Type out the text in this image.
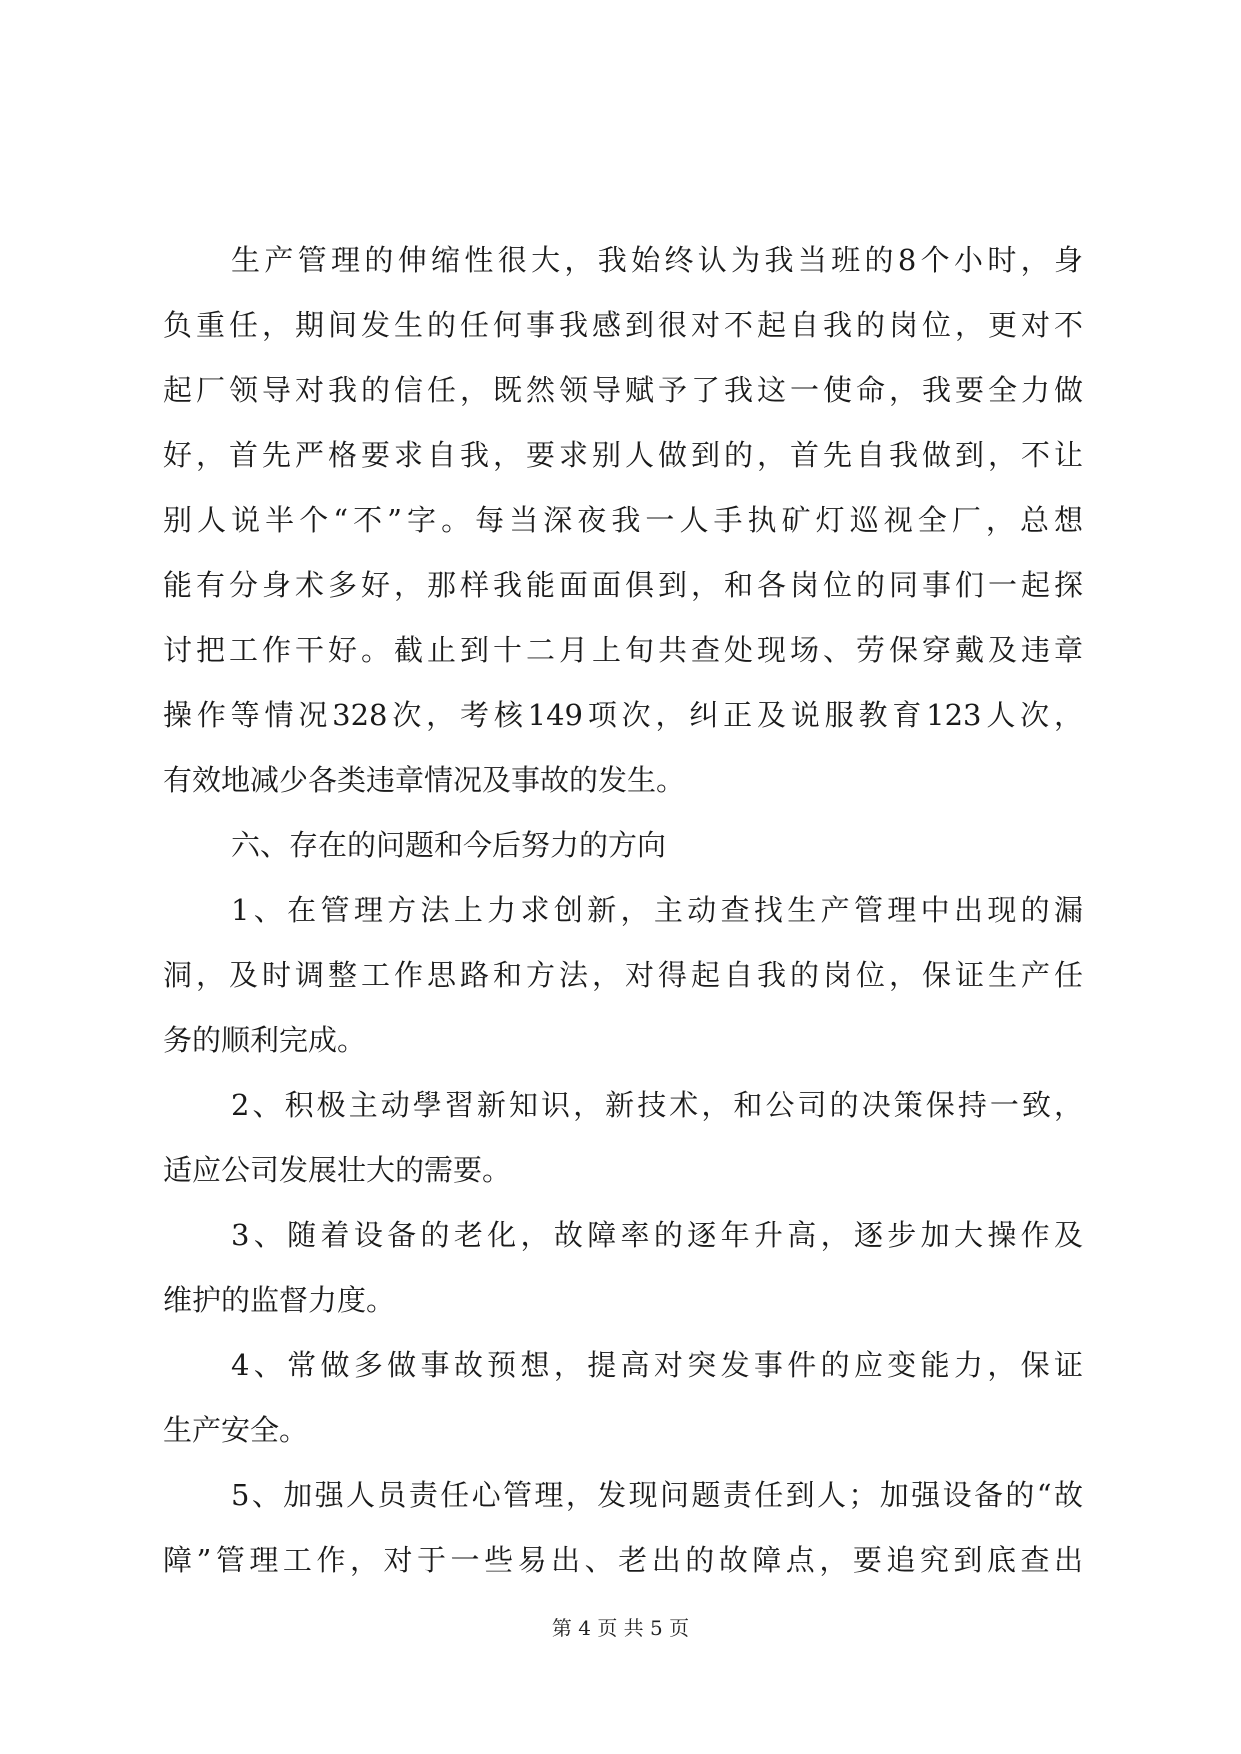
生产管理的伸缩性很大，我始终认为我当班的8个小时，身
负重任，期间发生的任何事我感到很对不起自我的岗位，更对不
起厂领导对我的信任，既然领导赋予了我这一使命，我要全力做
好，首先严格要求自我，要求别人做到的，首先自我做到，不让
别人说半个“不”字。每当深夜我一人手执矿灯巡视全厂，总想
能有分身术多好，那样我能面面俱到，和各岗位的同事们一起探
讨把工作干好。截止到十二月上旬共查处现场、劳保穿戴及违章
操作等情况328次，考核149项次，纠正及说服教育123人次，
有效地减少各类违章情况及事故的发生。
六、存在的问题和今后努力的方向
1、在管理方法上力求创新，主动查找生产管理中出现的漏
洞，及时调整工作思路和方法，对得起自我的岗位，保证生产任
务的顺利完成。
2、积极主动學習新知识，新技术，和公司的决策保持一致，
适应公司发展壮大的需要。
3、随着设备的老化，故障率的逐年升高，逐步加大操作及
维护的监督力度。
4、常做多做事故预想，提高对突发事件的应变能力，保证
生产安全。
5、加强人员责任心管理，发现问题责任到人；加强设备的“故
障”管理工作，对于一些易出、老出的故障点，要追究到底查出
第 4 页 共 5 页
